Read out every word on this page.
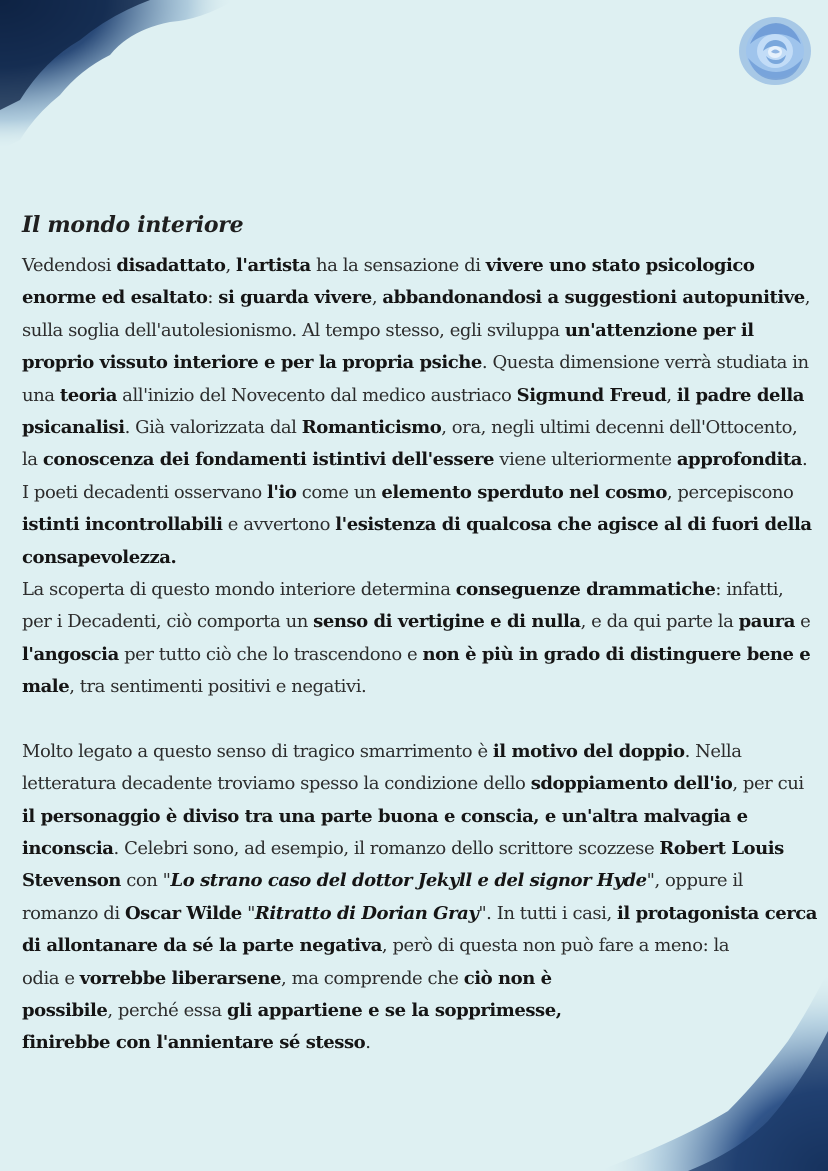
Il mondo interiore

Vedendosi disadattato, l'artista ha la sensazione di vivere uno stato psicologico enorme ed esaltato: si guarda vivere, abbandonandosi a suggestioni autopunitive, sulla soglia dell'autolesionismo. Al tempo stesso, egli sviluppa un'attenzione per il proprio vissuto interiore e per la propria psiche. Questa dimensione verrà studiata in una teoria all'inizio del Novecento dal medico austriaco Sigmund Freud, il padre della psicanalisi. Già valorizzata dal Romanticismo, ora, negli ultimi decenni dell'Ottocento, la conoscenza dei fondamenti istintivi dell'essere viene ulteriormente approfondita. I poeti decadenti osservano l'io come un elemento sperduto nel cosmo, percepiscono istinti incontrollabili e avvertono l'esistenza di qualcosa che agisce al di fuori della consapevolezza.
La scoperta di questo mondo interiore determina conseguenze drammatiche: infatti, per i Decadenti, ciò comporta un senso di vertigine e di nulla, e da qui parte la paura e l'angoscia per tutto ciò che lo trascendono e non è più in grado di distinguere bene e male, tra sentimenti positivi e negativi.

Molto legato a questo senso di tragico smarrimento è il motivo del doppio. Nella letteratura decadente troviamo spesso la condizione dello sdoppiamento dell'io, per cui il personaggio è diviso tra una parte buona e conscia, e un'altra malvagia e inconscia. Celebri sono, ad esempio, il romanzo dello scrittore scozzese Robert Louis Stevenson con "Lo strano caso del dottor Jekyll e del signor Hyde", oppure il romanzo di Oscar Wilde "Ritratto di Dorian Gray". In tutti i casi, il protagonista cerca di allontanare da sé la parte negativa, però di questa non può fare a meno: la
odia e vorrebbe liberarsene, ma comprende che ciò non è
possibile, perché essa gli appartiene e se la sopprimesse,
finirebbe con l'annientare sé stesso.
